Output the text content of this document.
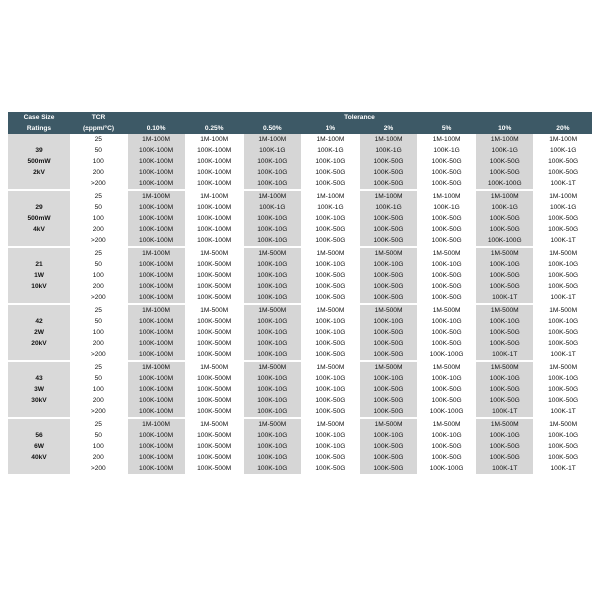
Case Size	TCR	Tolerance							
Ratings	(±ppm/°C)	0.10%	0.25%	0.50%	1%	2%	5%	10%	20%

39
500mW
2kV	25	1M-100M	1M-100M	1M-100M	1M-100M	1M-100M	1M-100M	1M-100M	1M-100M
	50	100K-100M	100K-100M	100K-1G	100K-1G	100K-1G	100K-1G	100K-1G	100K-1G
	100	100K-100M	100K-100M	100K-10G	100K-10G	100K-50G	100K-50G	100K-50G	100K-50G
	200	100K-100M	100K-100M	100K-10G	100K-50G	100K-50G	100K-50G	100K-50G	100K-50G
	>200	100K-100M	100K-100M	100K-10G	100K-50G	100K-50G	100K-50G	100K-100G	100K-1T

29
500mW
4kV	25	1M-100M	1M-100M	1M-100M	1M-100M	1M-100M	1M-100M	1M-100M	1M-100M
	50	100K-100M	100K-100M	100K-1G	100K-1G	100K-1G	100K-1G	100K-1G	100K-1G
	100	100K-100M	100K-100M	100K-10G	100K-10G	100K-50G	100K-50G	100K-50G	100K-50G
	200	100K-100M	100K-100M	100K-10G	100K-50G	100K-50G	100K-50G	100K-50G	100K-50G
	>200	100K-100M	100K-100M	100K-10G	100K-50G	100K-50G	100K-50G	100K-100G	100K-1T

21
1W
10kV	25	1M-100M	1M-500M	1M-500M	1M-500M	1M-500M	1M-500M	1M-500M	1M-500M
	50	100K-100M	100K-500M	100K-10G	100K-10G	100K-10G	100K-10G	100K-10G	100K-10G
	100	100K-100M	100K-500M	100K-10G	100K-50G	100K-50G	100K-50G	100K-50G	100K-50G
	200	100K-100M	100K-500M	100K-10G	100K-50G	100K-50G	100K-50G	100K-50G	100K-50G
	>200	100K-100M	100K-500M	100K-10G	100K-50G	100K-50G	100K-50G	100K-1T	100K-1T

42
2W
20kV	25	1M-100M	1M-500M	1M-500M	1M-500M	1M-500M	1M-500M	1M-500M	1M-500M
	50	100K-100M	100K-500M	100K-10G	100K-10G	100K-10G	100K-10G	100K-10G	100K-10G
	100	100K-100M	100K-500M	100K-10G	100K-10G	100K-50G	100K-50G	100K-50G	100K-50G
	200	100K-100M	100K-500M	100K-10G	100K-50G	100K-50G	100K-50G	100K-50G	100K-50G
	>200	100K-100M	100K-500M	100K-10G	100K-50G	100K-50G	100K-100G	100K-1T	100K-1T

43
3W
30kV	25	1M-100M	1M-500M	1M-500M	1M-500M	1M-500M	1M-500M	1M-500M	1M-500M
	50	100K-100M	100K-500M	100K-10G	100K-10G	100K-10G	100K-10G	100K-10G	100K-10G
	100	100K-100M	100K-500M	100K-10G	100K-10G	100K-50G	100K-50G	100K-50G	100K-50G
	200	100K-100M	100K-500M	100K-10G	100K-50G	100K-50G	100K-50G	100K-50G	100K-50G
	>200	100K-100M	100K-500M	100K-10G	100K-50G	100K-50G	100K-100G	100K-1T	100K-1T

56
6W
40kV	25	1M-100M	1M-500M	1M-500M	1M-500M	1M-500M	1M-500M	1M-500M	1M-500M
	50	100K-100M	100K-500M	100K-10G	100K-10G	100K-10G	100K-10G	100K-10G	100K-10G
	100	100K-100M	100K-500M	100K-10G	100K-10G	100K-50G	100K-50G	100K-50G	100K-50G
	200	100K-100M	100K-500M	100K-10G	100K-50G	100K-50G	100K-50G	100K-50G	100K-50G
	>200	100K-100M	100K-500M	100K-10G	100K-50G	100K-50G	100K-100G	100K-1T	100K-1T
